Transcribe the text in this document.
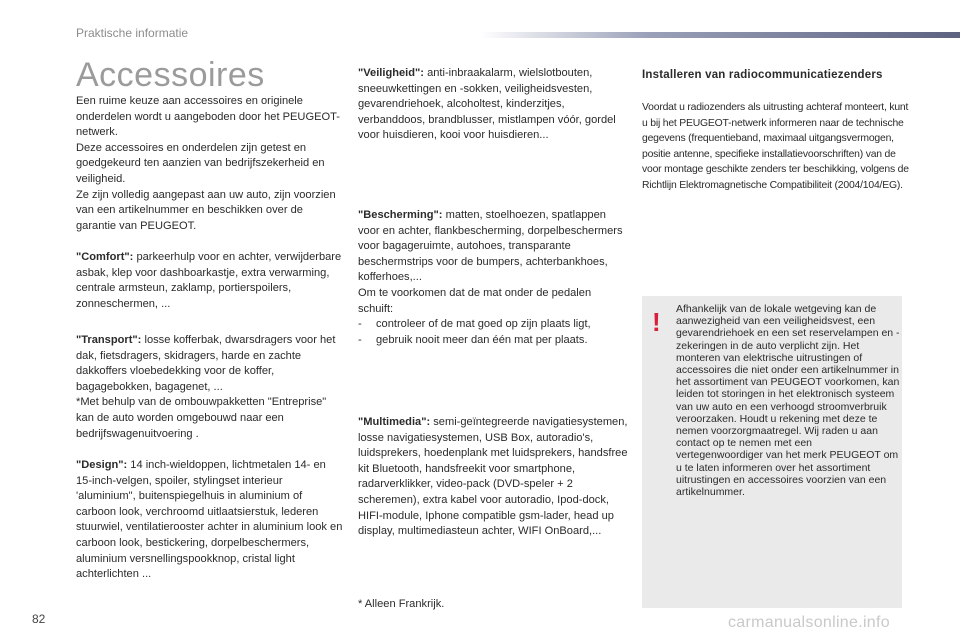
Praktische informatie
Accessoires

Een ruime keuze aan accessoires en originele onderdelen wordt u aangeboden door het PEUGEOT-netwerk.
Deze accessoires en onderdelen zijn getest en goedgekeurd ten aanzien van bedrijfszekerheid en veiligheid.
Ze zijn volledig aangepast aan uw auto, zijn voorzien van een artikelnummer en beschikken over de garantie van PEUGEOT.

"Comfort": parkeerhulp voor en achter, verwijderbare asbak, klep voor dashboarkastje, extra verwarming, centrale armsteun, zaklamp, portierspoilers, zonneschermen, ...

"Transport": losse kofferbak, dwarsdragers voor het dak, fietsdragers, skidragers, harde en zachte dakkoffers vloebedekking voor de koffer, bagagebokken, bagagenet, ...
*Met behulp van de ombouwpakketten "Entreprise" kan de auto worden omgebouwd naar een bedrijfswagenuitvoering .

"Design": 14 inch-wieldoppen, lichtmetalen 14- en 15-inch-velgen, spoiler, stylingset interieur 'aluminium", buitenspiegelhuis in aluminium of carboon look, verchroomd uitlaatsierstuk, lederen stuurwiel, ventilatierooster achter in aluminium look en carboon look, bestickering, dorpelbeschermers, aluminium versnellingspookknop, cristal light achterlichten ...

"Veiligheid": anti-inbraakalarm, wielslotbouten, sneeuwkettingen en -sokken, veiligheidsvesten, gevarendriehoek, alcoholtest, kinderzitjes, verbanddoos, brandblusser, mistlampen vóór, gordel voor huisdieren, kooi voor huisdieren...

"Bescherming": matten, stoelhoezen, spatlappen voor en achter, flankbescherming, dorpelbeschermers voor bagageruimte, autohoes, transparante beschermstrips voor de bumpers, achterbankhoes, kofferhoes,...
Om te voorkomen dat de mat onder de pedalen schuift:
-	controleer of de mat goed op zijn plaats ligt,
-	gebruik nooit meer dan één mat per plaats.

"Multimedia": semi-geïntegreerde navigatiesystemen, losse navigatiesystemen, USB Box, autoradio's, luidsprekers, hoedenplank met luidsprekers, handsfree kit Bluetooth, handsfreekit voor smartphone, radarverklikker, video-pack (DVD-speler + 2 scheremen), extra kabel voor autoradio, Ipod-dock, HIFI-module, Iphone compatible gsm-lader, head up display, multimediasteun achter, WIFI OnBoard,...

* Alleen Frankrijk.
Installeren van radiocommunicatiezenders

Voordat u radiozenders als uitrusting achteraf monteert, kunt u bij het PEUGEOT-netwerk informeren naar de technische gegevens (frequentieband, maximaal uitgangsvermogen, positie antenne, specifieke installatievoorschriften) van de voor montage geschikte zenders ter beschikking, volgens de Richtlijn Elektromagnetische Compatibiliteit (2004/104/EG).

! Afhankelijk van de lokale wetgeving kan de aanwezigheid van een veiligheidsvest, een gevarendriehoek en een set reservelampen en -zekeringen in de auto verplicht zijn. Het monteren van elektrische uitrustingen of accessoires die niet onder een artikelnummer in het assortiment van PEUGEOT voorkomen, kan leiden tot storingen in het elektronisch systeem van uw auto en een verhoogd stroomverbruik veroorzaken. Houdt u rekening met deze te nemen voorzorgmaatregel. Wij raden u aan contact op te nemen met een vertegenwoordiger van het merk PEUGEOT om u te laten informeren over het assortiment uitrustingen en accessoires voorzien van een artikelnummer.

82	carmanualsonline.info
